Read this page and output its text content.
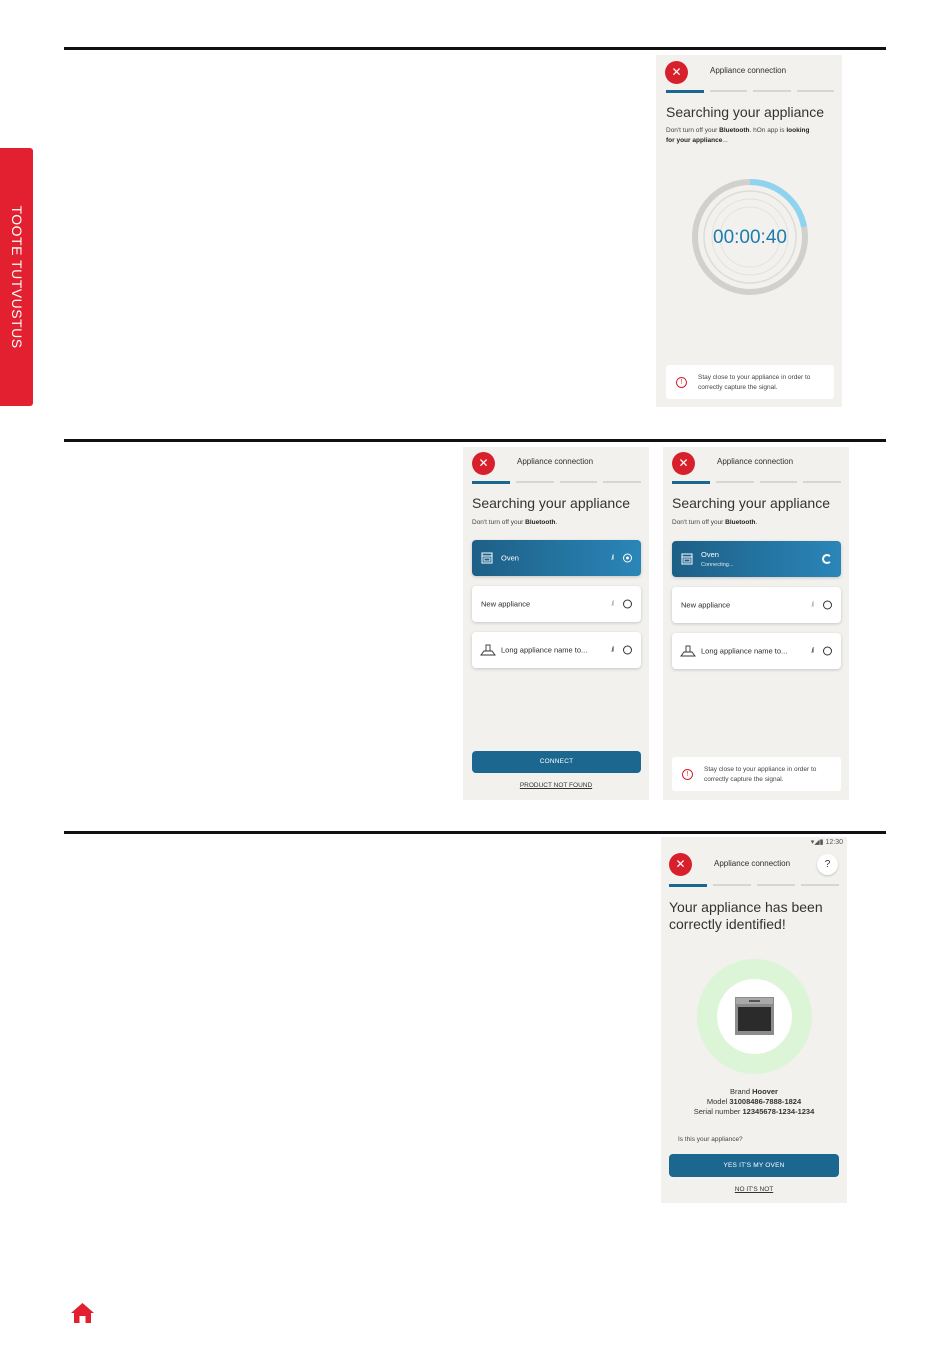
TOOTE TUTVUSTUS
✕	Appliance connection
Searching your appliance
Don't turn off your Bluetooth. hOn app is looking
for your appliance...
00:00:40
!
Stay close to your appliance in order to
correctly capture the signal.
✕	Appliance connection
Searching your appliance
Don't turn off your Bluetooth.
Oven	.ıl
New appliance	.ıl
Long appliance name to...	.ıl
CONNECT
PRODUCT NOT FOUND
✕	Appliance connection
Searching your appliance
Don't turn off your Bluetooth.
Oven
Connecting...
New appliance	.ıl
Long appliance name to...	.ıl
!
Stay close to your appliance in order to
correctly capture the signal.
▾◢▮ 12:30
✕	Appliance connection	?
Your appliance has been
correctly identified!
Brand Hoover
Model 31008486-7888-1824
Serial number 12345678-1234-1234
Is this your appliance?
YES IT'S MY OVEN
NO IT'S NOT
